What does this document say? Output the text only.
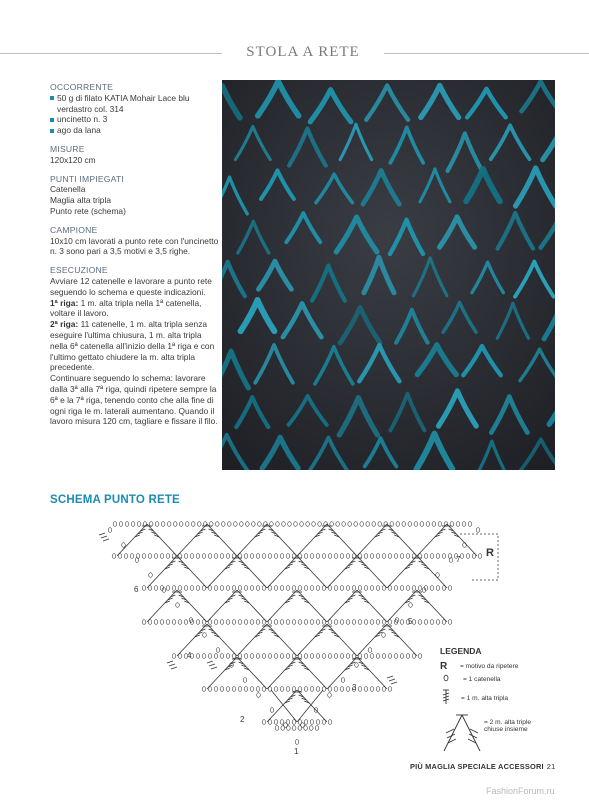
STOLA A RETE
OCCORRENTE
50 g di filato KATIA Mohair Lace blu verdastro col. 314
uncinetto n. 3
ago da lana
MISURE
120x120 cm
PUNTI IMPIEGATI
Catenella
Maglia alta tripla
Punto rete (schema)
CAMPIONE
10x10 cm lavorati a punto rete con l'uncinetto n. 3 sono pari a 3,5 motivi e 3,5 righe.
ESECUZIONE
Avviare 12 catenelle e lavorare a punto rete seguendo lo schema e queste indicazioni.
1ª riga: 1 m. alta tripla nella 1ª catenella, voltare il lavoro.
2ª riga: 11 catenelle, 1 m. alta tripla senza eseguire l'ultima chiusura, 1 m. alta tripla nella 6ª catenella all'inizio della 1ª riga e con l'ultimo gettato chiudere la m. alta tripla precedente.
Continuare seguendo lo schema: lavorare dalla 3ª alla 7ª riga, quindi ripetere sempre la 6ª e la 7ª riga, tenendo conto che alla fine di ogni riga le m. laterali aumentano. Quando il lavoro misura 120 cm, tagliare e fissare il filo.
SCHEMA PUNTO RETE
R
1
2
3
4
5
6
7
LEGENDA
R	= motivo da ripetere
= 1 catenella
= 1 m. alta tripla
= 2 m. alta triple chiuse insieme
PIÙ MAGLIA SPECIALE ACCESSORI 21
FashionForum.ru
